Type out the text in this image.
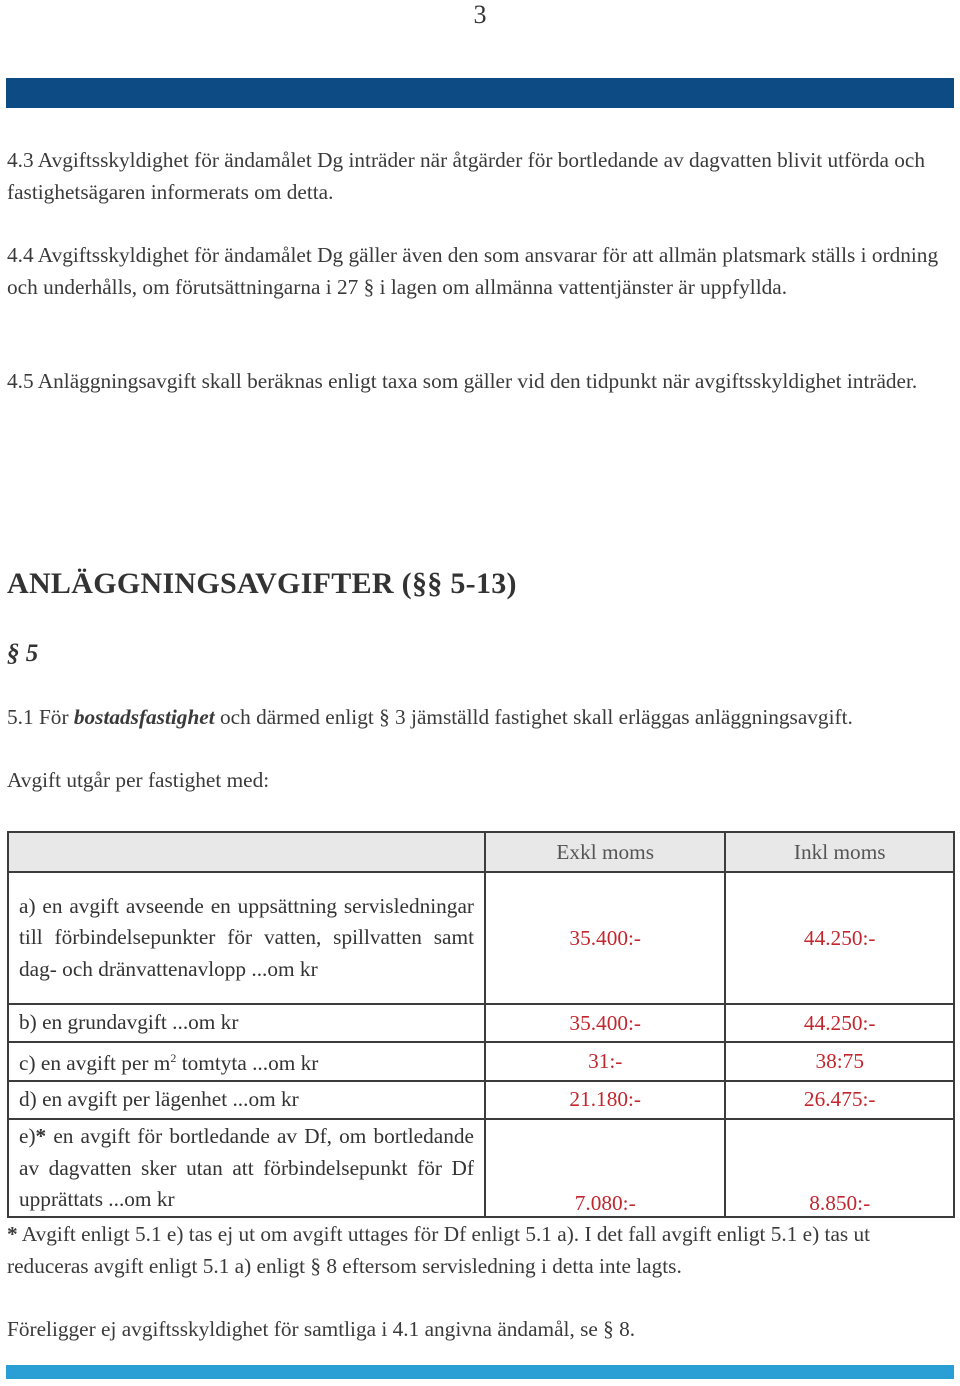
3

4.3 Avgiftsskyldighet för ändamålet Dg inträder när åtgärder för bortledande av dagvatten blivit utförda och fastighetsägaren informerats om detta.

4.4 Avgiftsskyldighet för ändamålet Dg gäller även den som ansvarar för att allmän platsmark ställs i ordning och underhålls, om förutsättningarna i 27 § i lagen om allmänna vattentjänster är uppfyllda.

4.5 Anläggningsavgift skall beräknas enligt taxa som gäller vid den tidpunkt när avgiftsskyldighet inträder.

ANLÄGGNINGSAVGIFTER (§§ 5-13)
§ 5

5.1 För bostadsfastighet och därmed enligt § 3 jämställd fastighet skall erläggas anläggningsavgift.

Avgift utgår per fastighet med:

	Exkl moms	Inkl moms
a) en avgift avseende en uppsättning servisledningar till förbindelsepunkter för vatten, spillvatten samt dag- och dränvattenavlopp ...om kr	35.400:-	44.250:-
b) en grundavgift ...om kr	35.400:-	44.250:-
c) en avgift per $m^2$ tomtyta ...om kr	31:-	38:75
d) en avgift per lägenhet ...om kr	21.180:-	26.475:-
e)* en avgift för bortledande av Df, om bortledande av dagvatten sker utan att förbindelsepunkt för Df upprättats ...om kr	7.080:-	8.850:-

* Avgift enligt 5.1 e) tas ej ut om avgift uttages för Df enligt 5.1 a). I det fall avgift enligt 5.1 e) tas ut reduceras avgift enligt 5.1 a) enligt § 8 eftersom servisledning i detta inte lagts.

Föreligger ej avgiftsskyldighet för samtliga i 4.1 angivna ändamål, se § 8.
